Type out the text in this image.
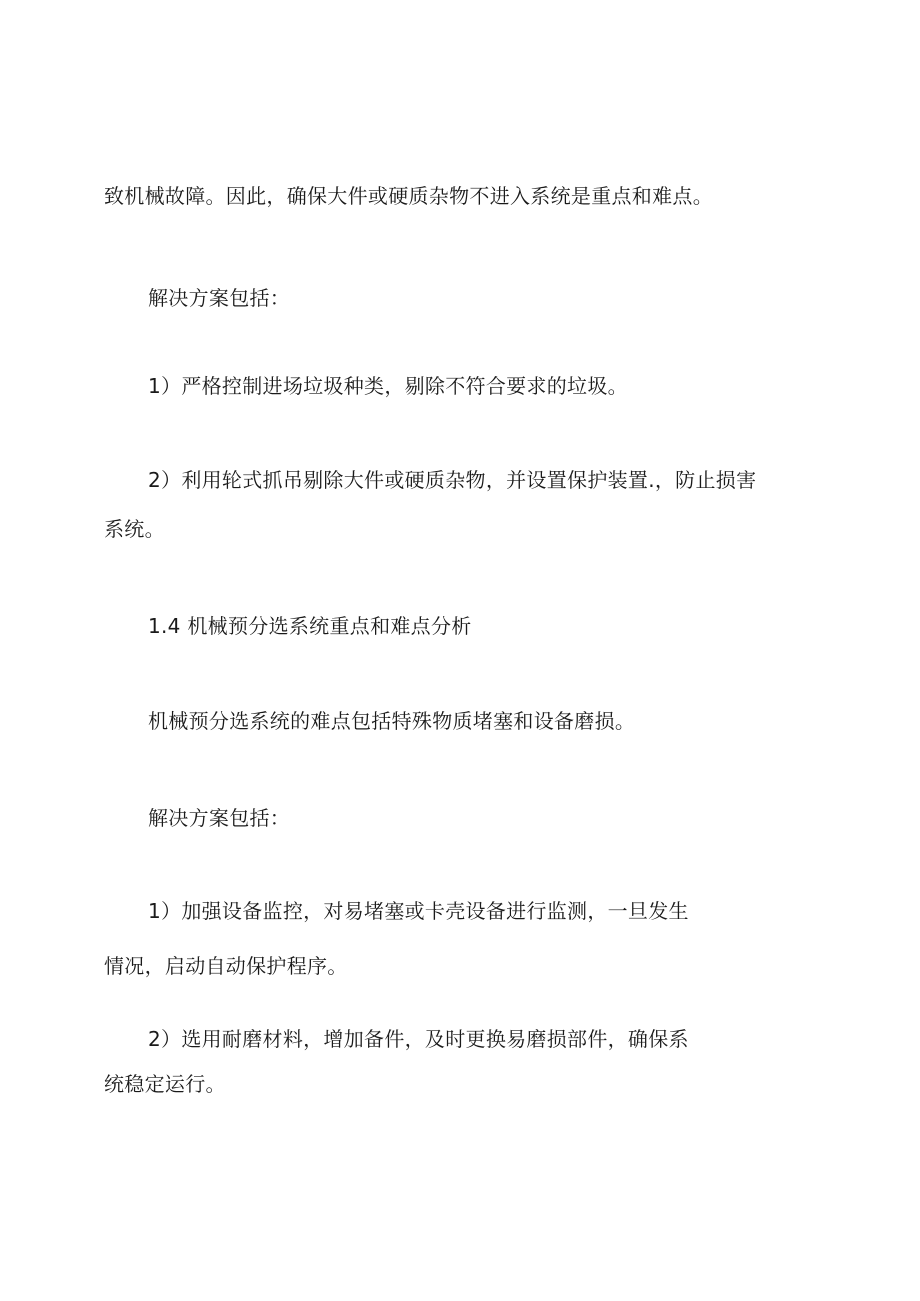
致机械故障。因此，确保大件或硬质杂物不进入系统是重点和难点。
解决方案包括：
1）严格控制进场垃圾种类，剔除不符合要求的垃圾。
2）利用轮式抓吊剔除大件或硬质杂物，并设置保护装置.，防止损害
系统。
1.4 机械预分选系统重点和难点分析
机械预分选系统的难点包括特殊物质堵塞和设备磨损。
解决方案包括：
1）加强设备监控，对易堵塞或卡壳设备进行监测，一旦发生
情况，启动自动保护程序。
2）选用耐磨材料，增加备件，及时更换易磨损部件，确保系
统稳定运行。
